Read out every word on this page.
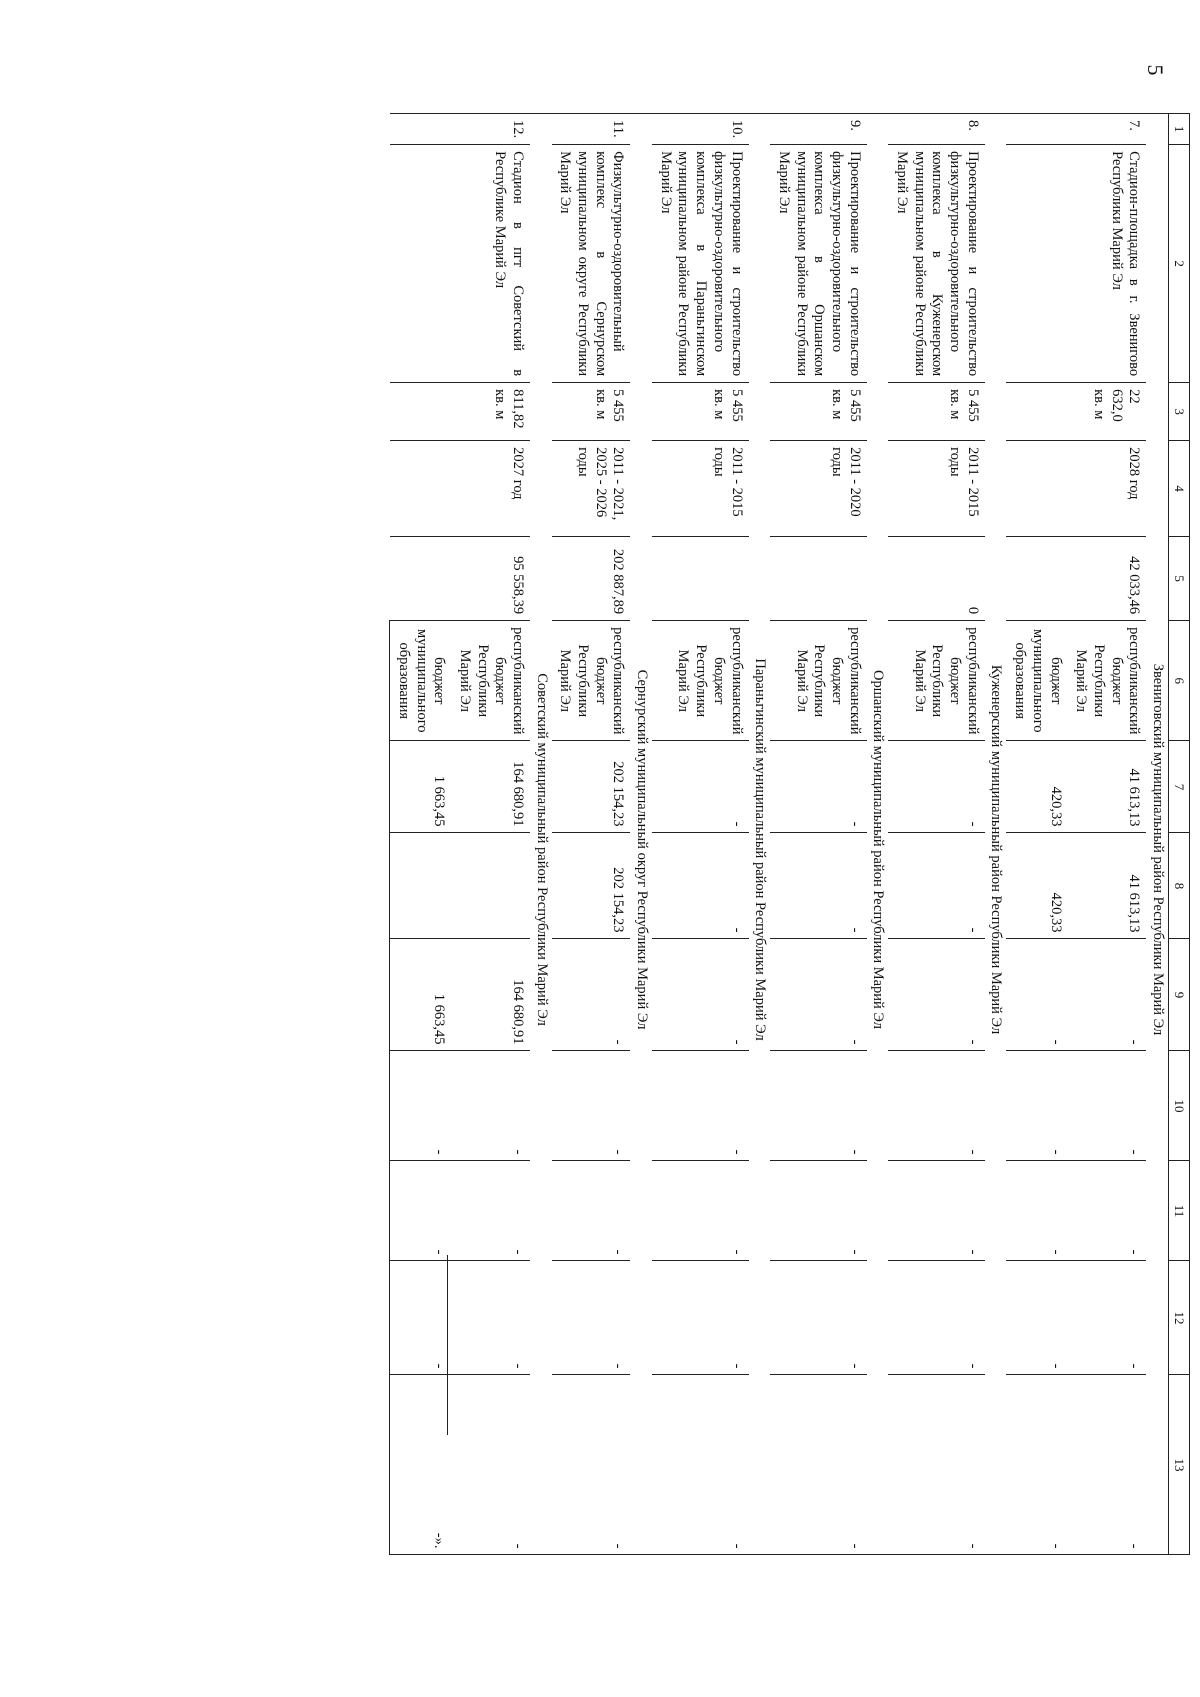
5
1	2	3	4	5	6	7	8	9	10	11	12	13
	Звениговский муниципальный район Республики Марий Эл											
7.	Стадион-площадка в г. Звенигово Республики Марий Эл	22 632,0 кв. м	2028 год	42 033,46	республиканский бюджет Республики Марий Эл	41 613,13	41 613,13	-	-	-	-	-
					бюджет муниципального образования	420,33	420,33	-	-	-	-	-
	Куженерский муниципальный район Республики Марий Эл											
8.	Проектирование и строительство физкультурно-оздоровительного комплекса в Куженерском муниципальном районе Республики Марий Эл	5 455 кв. м	2011 - 2015 годы	0	республиканский бюджет Республики Марий Эл	-	-	-	-	-	-	-
	Оршанский муниципальный район Республики Марий Эл											
9.	Проектирование и строительство физкультурно-оздоровительного комплекса в Оршанском муниципальном районе Республики Марий Эл	5 455 кв. м	2011 - 2020 годы		республиканский бюджет Республики Марий Эл	-	-	-	-	-	-	-
	Параньгинский муниципальный район Республики Марий Эл											
10.	Проектирование и строительство физкультурно-оздоровительного комплекса в Параньгинском муниципальном районе Республики Марий Эл	5 455 кв. м	2011 - 2015 годы		республиканский бюджет Республики Марий Эл	-	-	-	-	-	-	-
	Сернурский муниципальный округ Республики Марий Эл											
11.	Физкультурно-оздоровительный комплекс в Сернурском муниципальном округе Республики Марий Эл	5 455 кв. м	2011 - 2021, 2025 - 2026 годы	202 887,89	республиканский бюджет Республики Марий Эл	202 154,23	202 154,23	-	-	-	-	-
	Советский муниципальный район Республики Марий Эл											
12.	Стадион в пгт Советский в Республике Марий Эл	811,82 кв. м	2027 год	95 558,39	республиканский бюджет Республики Марий Эл	164 680,91		164 680,91	-	-	-	-
					бюджет муниципального образования	1 663,45		1 663,45	-	-	-	-».
